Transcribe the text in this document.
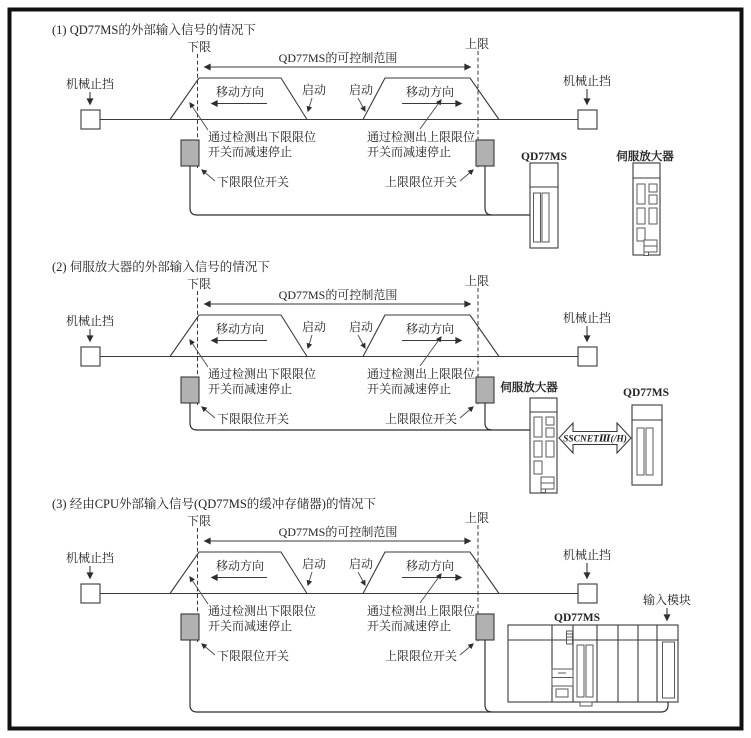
(1) QD77MS的外部输入信号的情况下
QD77MS	伺服放大器
(2) 伺服放大器的外部输入信号的情况下
伺服放大器
SSCNETⅢ(/H)
QD77MS
(3) 经由CPU外部输入信号(QD77MS的缓冲存储器)的情况下
输入模块
QD77MS
